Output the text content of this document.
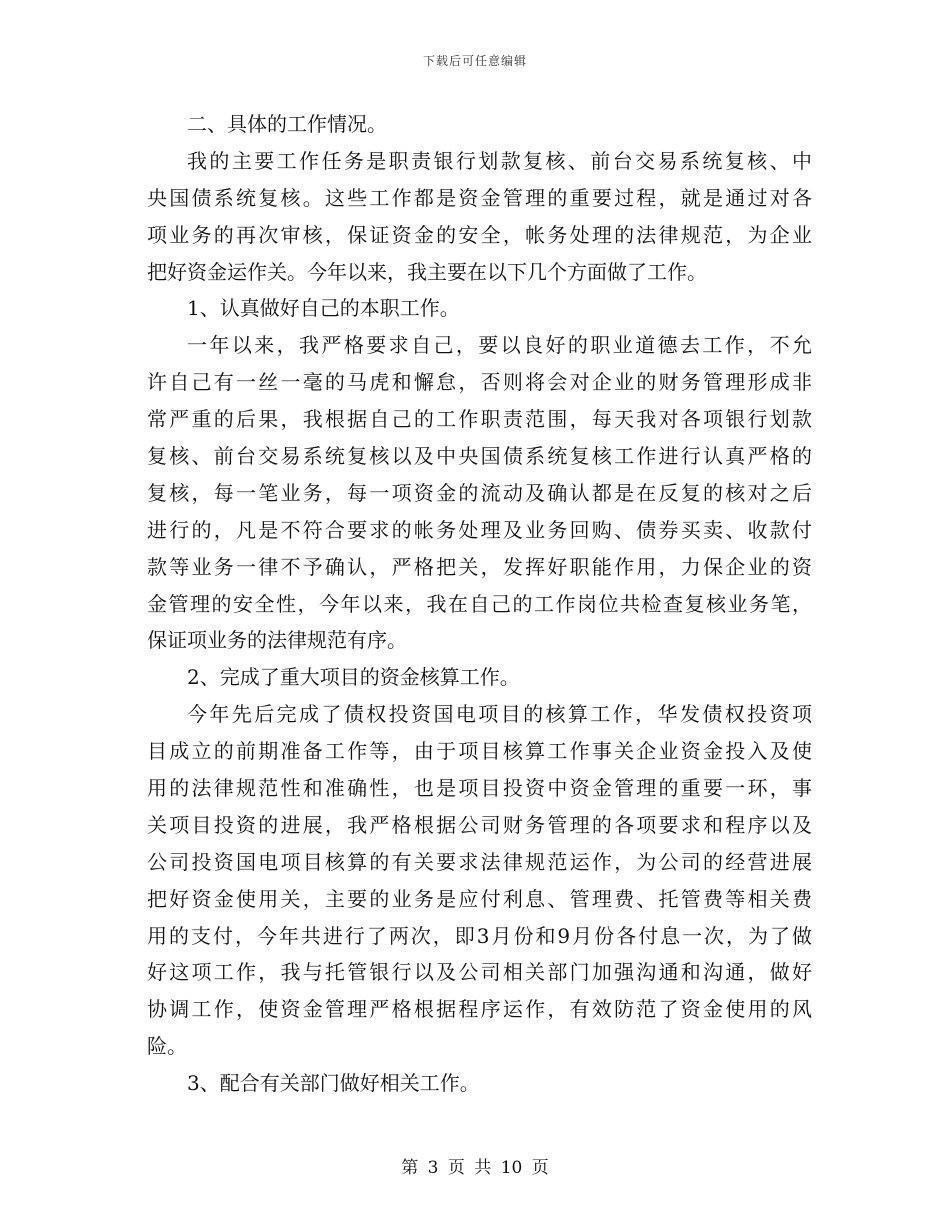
下载后可任意编辑
二、具体的工作情况。
我的主要工作任务是职责银行划款复核、前台交易系统复核、中
央国债系统复核。这些工作都是资金管理的重要过程，就是通过对各
项业务的再次审核，保证资金的安全，帐务处理的法律规范，为企业
把好资金运作关。今年以来，我主要在以下几个方面做了工作。
1、认真做好自己的本职工作。
一年以来，我严格要求自己，要以良好的职业道德去工作，不允
许自己有一丝一毫的马虎和懈怠，否则将会对企业的财务管理形成非
常严重的后果，我根据自己的工作职责范围，每天我对各项银行划款
复核、前台交易系统复核以及中央国债系统复核工作进行认真严格的
复核，每一笔业务，每一项资金的流动及确认都是在反复的核对之后
进行的，凡是不符合要求的帐务处理及业务回购、债券买卖、收款付
款等业务一律不予确认，严格把关，发挥好职能作用，力保企业的资
金管理的安全性，今年以来，我在自己的工作岗位共检查复核业务笔，
保证项业务的法律规范有序。
2、完成了重大项目的资金核算工作。
今年先后完成了债权投资国电项目的核算工作，华发债权投资项
目成立的前期准备工作等，由于项目核算工作事关企业资金投入及使
用的法律规范性和准确性，也是项目投资中资金管理的重要一环，事
关项目投资的进展，我严格根据公司财务管理的各项要求和程序以及
公司投资国电项目核算的有关要求法律规范运作，为公司的经营进展
把好资金使用关，主要的业务是应付利息、管理费、托管费等相关费
用的支付，今年共进行了两次，即3月份和9月份各付息一次，为了做
好这项工作，我与托管银行以及公司相关部门加强沟通和沟通，做好
协调工作，使资金管理严格根据程序运作，有效防范了资金使用的风
险。
3、配合有关部门做好相关工作。
第 3 页 共 10 页
